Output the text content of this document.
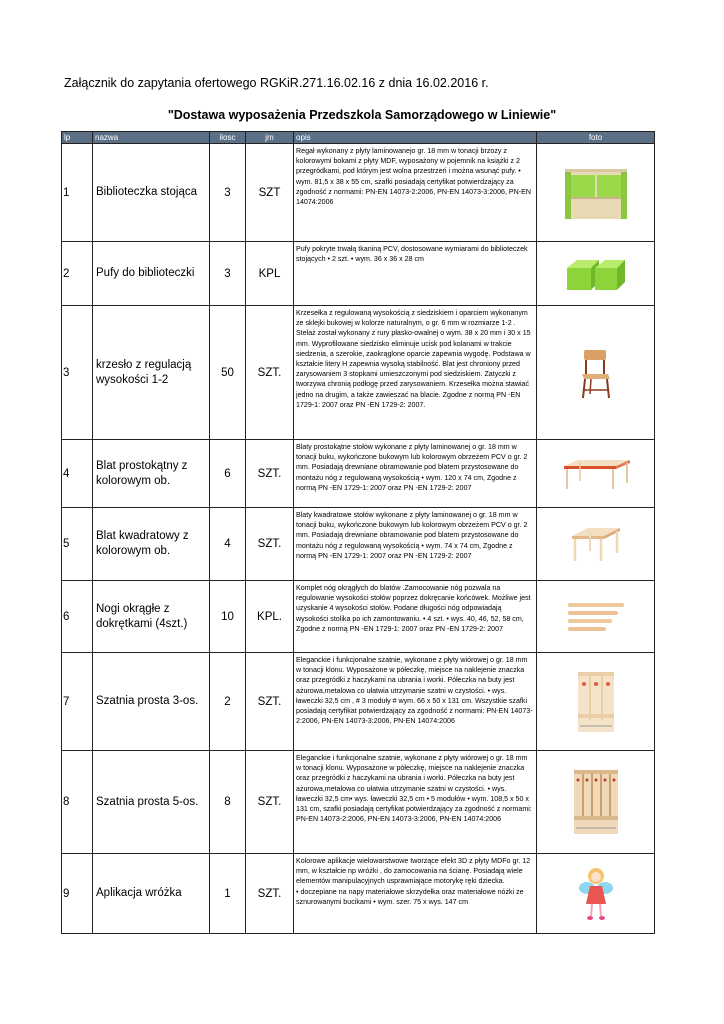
Załącznik do zapytania ofertowego RGKiR.271.16.02.16 z dnia 16.02.2016 r.
"Dostawa wyposażenia Przedszkola Samorządowego w Liniewie"
lp	nazwa	ilosc	jm	opis	foto
1	Biblioteczka stojąca	3	SZT	Regał wykonany z płyty laminowanejo gr. 18 mm w tonacji brzozy z kolorowymi bokami z płyty MDF, wyposażony w pojemnik na książki z 2 przegródkami, pod którym jest wolna przestrzeń i można wsunąć pufy. • wym. 81,5 x 38 x 55 cm, szafki posiadają certyfikat potwierdzający za zgodność z normami: PN-EN 14073-2:2006, PN-EN 14073-3:2006, PN-EN 14074:2006	

2	Pufy do biblioteczki	3	KPL	Pufy pokryte trwałą tkaniną PCV, dostosowane wymiarami do biblioteczek stojących • 2 szt. • wym. 36 x 36 x 28 cm	

3	krzesło z regulacją wysokości 1-2	50	SZT.	Krzesełka z regulowaną wysokością z siedziskiem i oparciem wykonanym ze sklejki bukowej w kolorze naturalnym, o gr. 6 mm w rozmiarze 1-2 . Stelaż został wykonany z rury płasko-owalnej o wym. 38 x 20 mm i 30 x 15 mm. Wyprofilowane siedzisko eliminuje ucisk pod kolanami w trakcie siedzenia, a szerokie, zaokrąglone oparcie zapewnia wygodę. Podstawa w kształcie litery H zapewnia wysoką stabilność. Blat jest chroniony przed zarysowaniem 3 stopkami umieszczonymi pod siedziskiem. Zatyczki z tworzywa chronią podłogę przed zarysowaniem. Krzesełka można stawiać jedno na drugim, a także zawieszać na blacie. Zgodne z normą PN -EN 1729-1: 2007 oraz PN -EN 1729-2: 2007.	

4	Blat prostokątny z kolorowym ob.	6	SZT.	Blaty prostokątne stołów wykonane z płyty laminowanej o gr. 18 mm w tonacji buku, wykończone bukowym lub kolorowym obrzeżem PCV o gr. 2 mm. Posiadają drewniane obramowanie pod blatem przystosowane do montażu nóg z regulowaną wysokością • wym. 120 x 74 cm, Zgodne z normą PN -EN 1729-1: 2007 oraz PN -EN 1729-2: 2007	

5	Blat kwadratowy z kolorowym ob.	4	SZT.	Blaty kwadratowe stołów wykonane z płyty laminowanej o gr. 18 mm w tonacji buku, wykończone bukowym lub kolorowym obrzeżem PCV o gr. 2 mm. Posiadają drewniane obramowanie pod blatem przystosowane do montażu nóg z regulowaną wysokością • wym. 74 x 74 cm, Zgodne z normą PN -EN 1729-1: 2007 oraz PN -EN 1729-2: 2007	

6	Nogi okrągłe z dokrętkami (4szt.)	10	KPL.	Komplet nóg okrągłych do blatów .Zamocowanie nóg pozwala na regulowanie wysokości stołów poprzez dokręcanie końcówek. Możliwe jest uzyskanie 4 wysokości stołów. Podane długości nóg odpowiadają wysokości stolika po ich zamontowaniu. • 4 szt. • wys. 40, 46, 52, 58 cm, Zgodne z normą PN -EN 1729-1: 2007 oraz PN -EN 1729-2: 2007	

7	Szatnia prosta 3-os.	2	SZT.	Eleganckie i funkcjonalne szatnie, wykonane z płyty wiórowej o gr. 18 mm w tonacji klonu. Wyposażone w półeczkę, miejsce na naklejenie znaczka oraz przegródki z haczykami na ubrania i worki. Półeczka na buty jest ażurowa,metalowa co ułatwia utrzymanie szatni w czystości. • wys. ławeczki 32,5 cm , # 3 moduły # wym. 66 x 50 x 131 cm. Wszystkie szafki posiadają certyfikat potwierdzający za zgodność z normami: PN-EN 14073-2:2006, PN-EN 14073-3:2006, PN-EN 14074:2006	

8	Szatnia prosta 5-os.	8	SZT.	Eleganckie i funkcjonalne szatnie, wykonane z płyty wiórowej o gr. 18 mm w tonacji klonu. Wyposażone w półeczkę, miejsce na naklejenie znaczka oraz przegródki z haczykami na ubrania i worki. Półeczka na buty jest ażurowa,metalowa co ułatwia utrzymanie szatni w czystości. • wys. ławeczki 32,5 cm• wys. ławeczki 32,5 cm • 5 modułów • wym. 108,5 x 50 x 131 cm, szafki posiadają certyfikat potwierdzający za zgodność z normami: PN-EN 14073-2:2006, PN-EN 14073-3:2006, PN-EN 14074:2006	

9	Aplikacja wróżka	1	SZT.	Kolorowe aplikacje wielowarstwowe tworzące efekt 3D z płyty MDFo gr. 12 mm, w kształcie np wróżki , do zamocowania na ścianę. Posiadają wiele elementów manipulacyjnych usprawniające motorykę ręki dziecka.
• doczepiane na napy materiałowe skrzydełka oraz materiałowe nóżki ze sznurowanymi bucikami • wym. szer. 75 x wys. 147 cm	
